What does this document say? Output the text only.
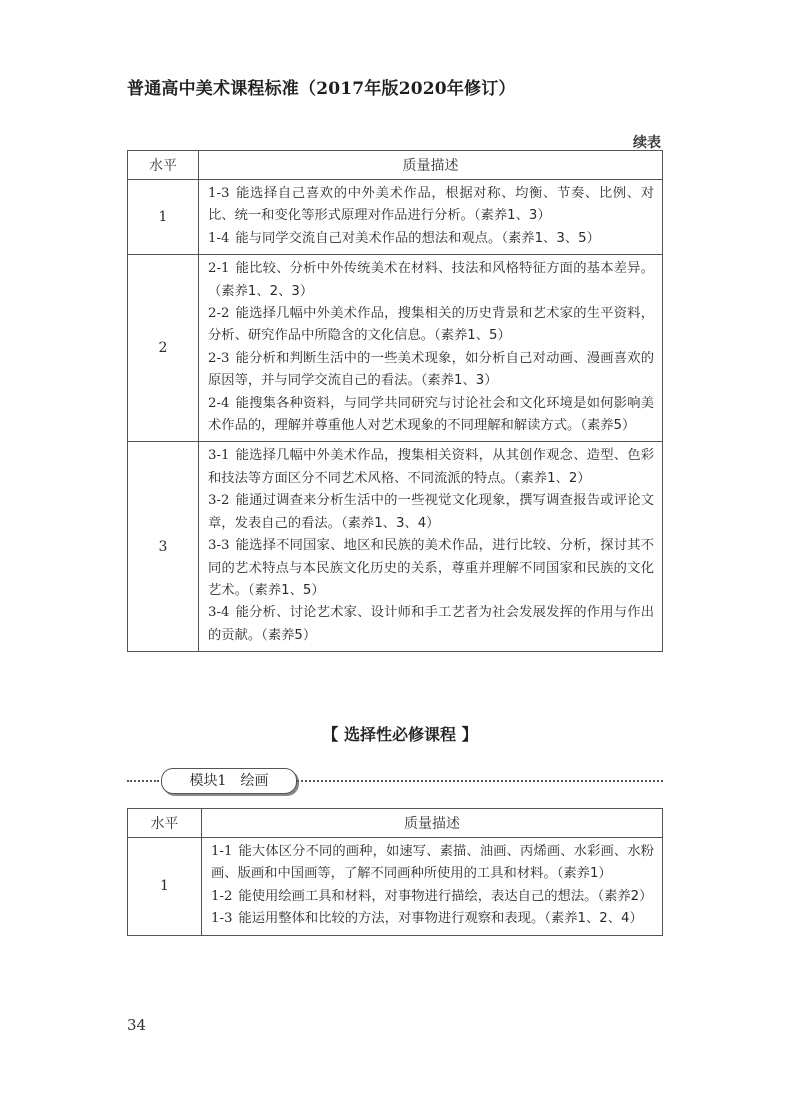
普通高中美术课程标准（2017年版2020年修订）
续表
水平	质量描述
1	1-3 能选择自己喜欢的中外美术作品，根据对称、均衡、节奏、比例、对比、统一和变化等形式原理对作品进行分析。（素养1、3）
1-4 能与同学交流自己对美术作品的想法和观点。（素养1、3、5）

2	2-1 能比较、分析中外传统美术在材料、技法和风格特征方面的基本差异。（素养1、2、3）
2-2 能选择几幅中外美术作品，搜集相关的历史背景和艺术家的生平资料，分析、研究作品中所隐含的文化信息。（素养1、5）
2-3 能分析和判断生活中的一些美术现象，如分析自己对动画、漫画喜欢的原因等，并与同学交流自己的看法。（素养1、3）
2-4 能搜集各种资料，与同学共同研究与讨论社会和文化环境是如何影响美术作品的，理解并尊重他人对艺术现象的不同理解和解读方式。（素养5）

3	3-1 能选择几幅中外美术作品，搜集相关资料，从其创作观念、造型、色彩和技法等方面区分不同艺术风格、不同流派的特点。（素养1、2）
3-2 能通过调查来分析生活中的一些视觉文化现象，撰写调查报告或评论文章，发表自己的看法。（素养1、3、4）
3-3 能选择不同国家、地区和民族的美术作品，进行比较、分析，探讨其不同的艺术特点与本民族文化历史的关系，尊重并理解不同国家和民族的文化艺术。（素养1、5）
3-4 能分析、讨论艺术家、设计师和手工艺者为社会发展发挥的作用与作出的贡献。（素养5）
【 选择性必修课程 】
模块1　绘画
水平	质量描述
1	1-1 能大体区分不同的画种，如速写、素描、油画、丙烯画、水彩画、水粉画、版画和中国画等，了解不同画种所使用的工具和材料。（素养1）
1-2 能使用绘画工具和材料，对事物进行描绘，表达自己的想法。（素养2）
1-3 能运用整体和比较的方法，对事物进行观察和表现。（素养1、2、4）
34
